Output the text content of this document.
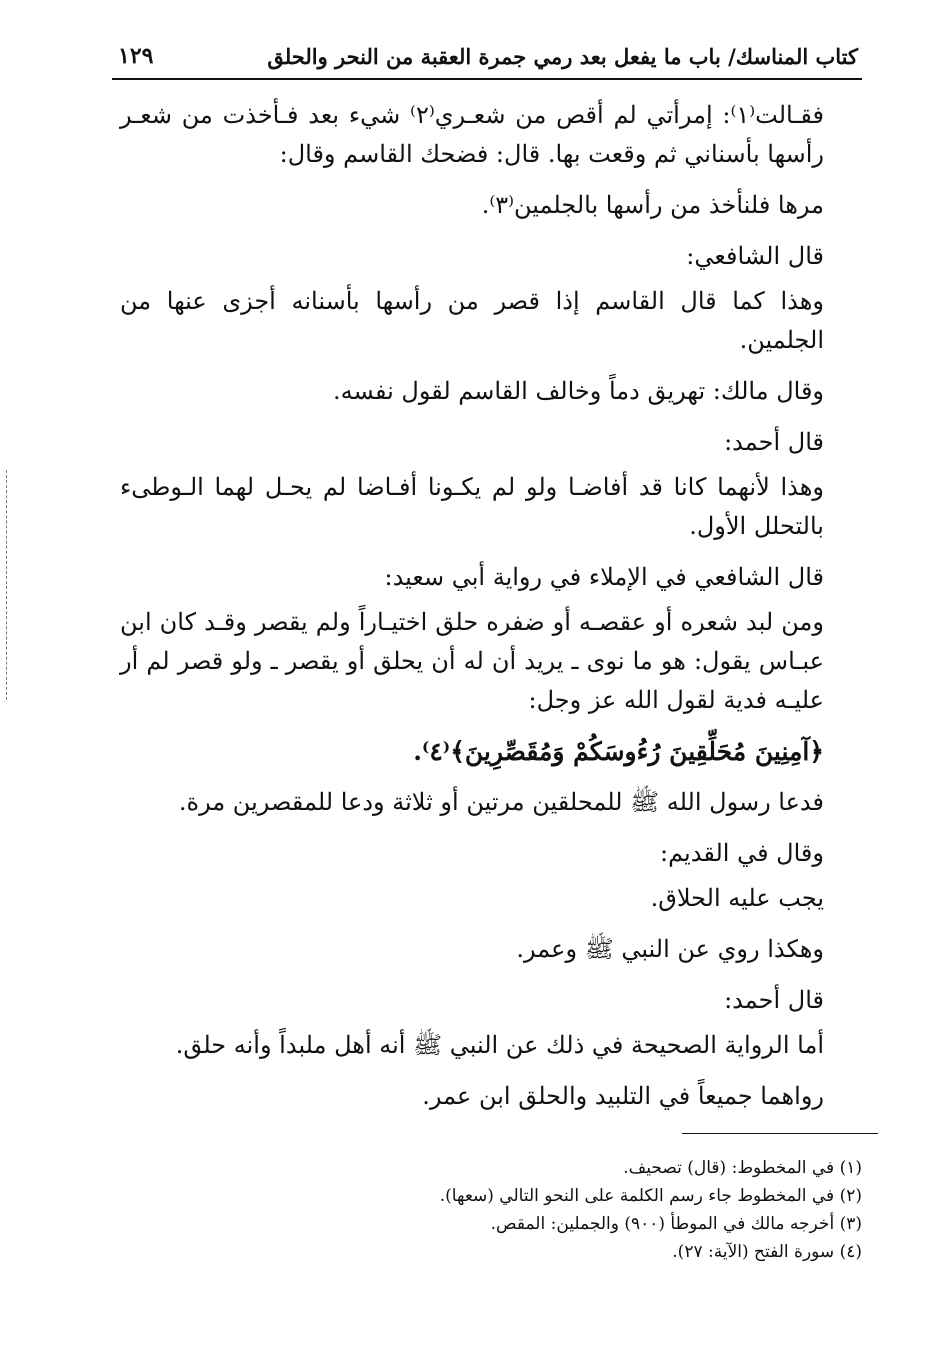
كتاب المناسك/ باب ما يفعل بعد رمي جمرة العقبة من النحر والحلق
١٢٩

فقـالت⁽١⁾: إمرأتي لم أقص من شعـري⁽٢⁾ شيء بعد فـأخذت من شعـر رأسها بأسناني ثم وقعت بها. قال: فضحك القاسم وقال:

مرها فلنأخذ من رأسها بالجلمين⁽٣⁾.

قال الشافعي:

وهذا كما قال القاسم إذا قصر من رأسها بأسنانه أجزى عنها من الجلمين.

وقال مالك: تهريق دماً وخالف القاسم لقول نفسه.

قال أحمد:

وهذا لأنهما كانا قد أفاضـا ولو لم يكـونا أفـاضا لم يحـل لهما الـوطىء بالتحلل الأول.

قال الشافعي في الإملاء في رواية أبي سعيد:

ومن لبد شعره أو عقصـه أو ضفره حلق اختيـاراً ولم يقصر وقـد كان ابن عبـاس يقول: هو ما نوى ـ يريد أن له أن يحلق أو يقصر ـ ولو قصر لم أر عليـه فدية لقول الله عز وجل:

﴿آمِنِينَ مُحَلِّقِينَ رُءُوسَكُمْ وَمُقَصِّرِينَ﴾⁽٤⁾.

فدعا رسول الله ﷺ للمحلقين مرتين أو ثلاثة ودعا للمقصرين مرة.

وقال في القديم:

يجب عليه الحلاق.

وهكذا روي عن النبي ﷺ وعمر.

قال أحمد:

أما الرواية الصحيحة في ذلك عن النبي ﷺ أنه أهل ملبداً وأنه حلق.

رواهما جميعاً في التلبيد والحلق ابن عمر.

(١) في المخطوط: (قال) تصحيف.
(٢) في المخطوط جاء رسم الكلمة على النحو التالي (سعها).
(٣) أخرجه مالك في الموطأ (٩٠٠) والجملين: المقص.
(٤) سورة الفتح (الآية: ٢٧).
